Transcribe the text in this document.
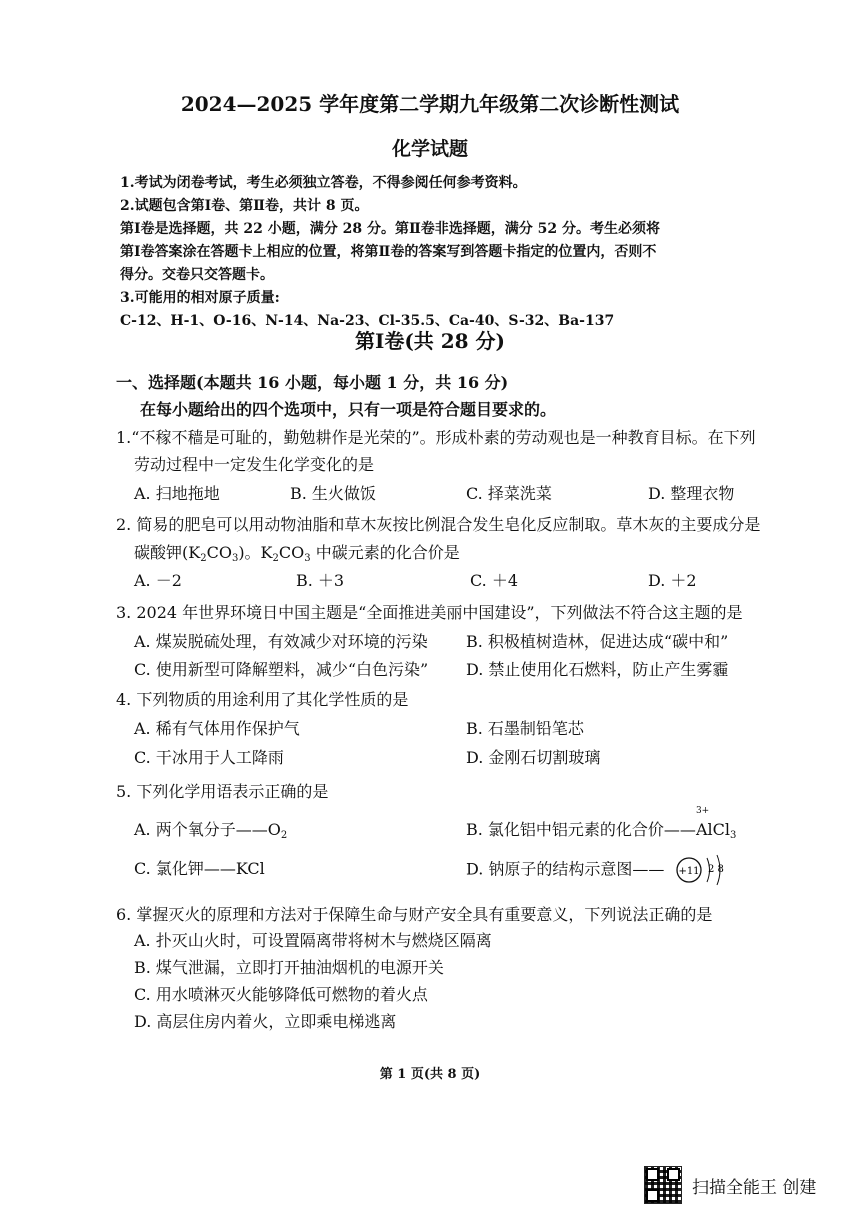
2024—2025 学年度第二学期九年级第二次诊断性测试
化学试题
1.考试为闭卷考试，考生必须独立答卷，不得参阅任何参考资料。
2.试题包含第Ⅰ卷、第Ⅱ卷，共计 8 页。
第Ⅰ卷是选择题，共 22 小题，满分 28 分。第Ⅱ卷非选择题，满分 52 分。考生必须将
第Ⅰ卷答案涂在答题卡上相应的位置，将第Ⅱ卷的答案写到答题卡指定的位置内，否则不
得分。交卷只交答题卡。
3.可能用的相对原子质量:
C-12、H-1、O-16、N-14、Na-23、Cl-35.5、Ca-40、S-32、Ba-137
第Ⅰ卷(共 28 分)
一、选择题(本题共 16 小题，每小题 1 分，共 16 分)
在每小题给出的四个选项中，只有一项是符合题目要求的。
1.“不稼不穑是可耻的，勤勉耕作是光荣的”。形成朴素的劳动观也是一种教育目标。在下列
劳动过程中一定发生化学变化的是
A. 扫地拖地	B. 生火做饭	C. 择菜洗菜	D. 整理衣物
2. 简易的肥皂可以用动物油脂和草木灰按比例混合发生皂化反应制取。草木灰的主要成分是
碳酸钾$(K_2CO_3)$。$K_2CO_3$ 中碳元素的化合价是
A. －2	B. ＋3	C. ＋4	D. ＋2
3. 2024 年世界环境日中国主题是“全面推进美丽中国建设”，下列做法不符合这主题的是
A. 煤炭脱硫处理，有效减少对环境的污染 B. 积极植树造林，促进达成“碳中和”
C. 使用新型可降解塑料，减少“白色污染” D. 禁止使用化石燃料，防止产生雾霾
4. 下列物质的用途利用了其化学性质的是
A. 稀有气体用作保护气	B. 石墨制铅笔芯
C. 干冰用于人工降雨	D. 金刚石切割玻璃
5. 下列化学用语表示正确的是
A. 两个氧分子$——O_2$	B. 氯化铝中铝元素的化合价——
3+
AlCl$_3$
C. 氯化钾——KCl	D. 钠原子的结构示意图—— +11 2 8
6. 掌握灭火的原理和方法对于保障生命与财产安全具有重要意义，下列说法正确的是
A. 扑灭山火时，可设置隔离带将树木与燃烧区隔离
B. 煤气泄漏，立即打开抽油烟机的电源开关
C. 用水喷淋灭火能够降低可燃物的着火点
D. 高层住房内着火，立即乘电梯逃离
第 1 页(共 8 页)
扫描全能王 创建
